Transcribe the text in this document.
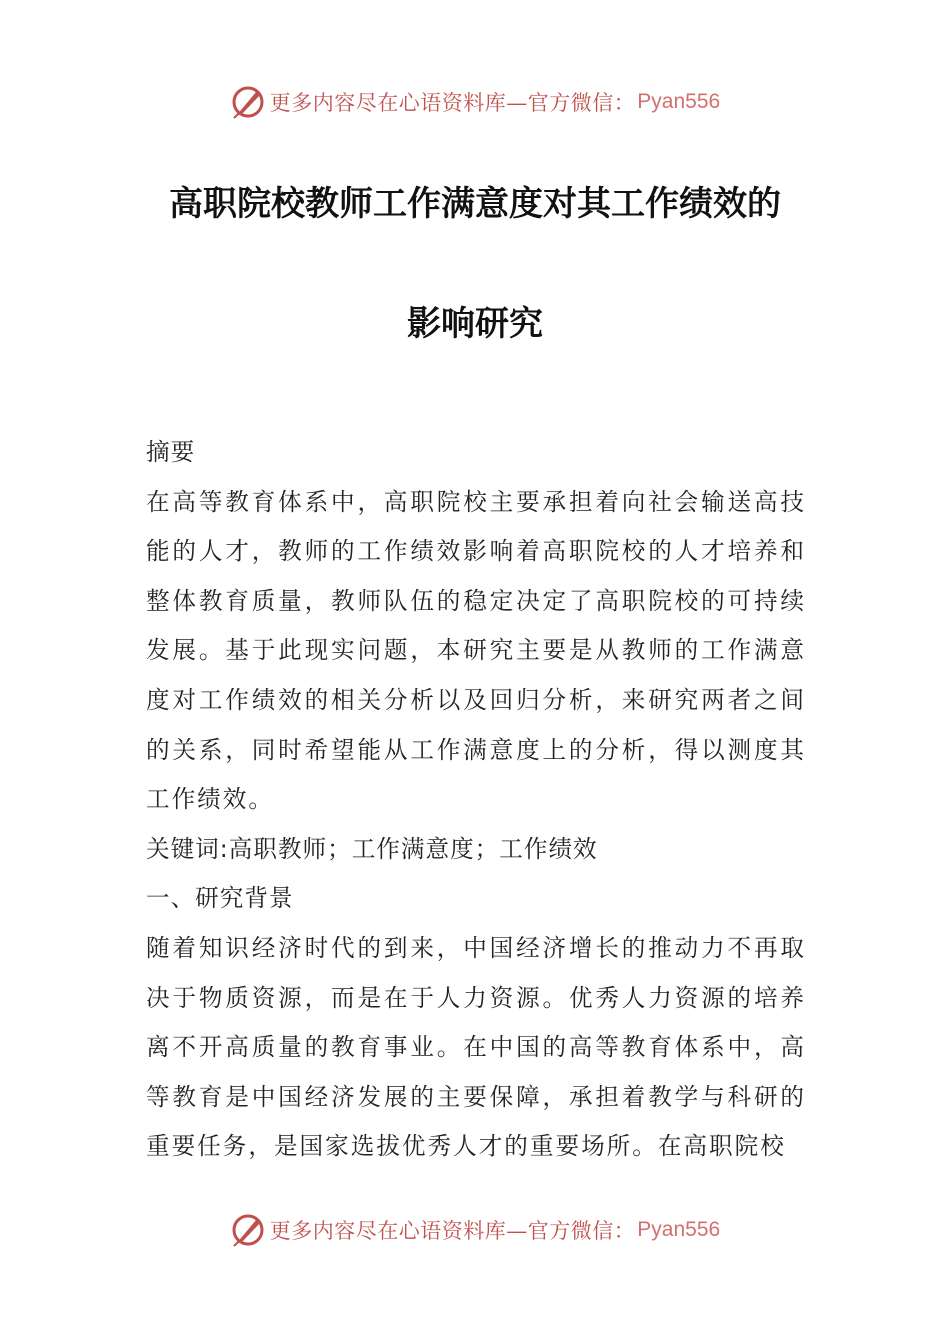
更多内容尽在心语资料库—官方微信： Pyan556
高职院校教师工作满意度对其工作绩效的
影响研究

摘要

在高等教育体系中，高职院校主要承担着向社会输送高技能的人才，教师的工作绩效影响着高职院校的人才培养和整体教育质量，教师队伍的稳定决定了高职院校的可持续发展。基于此现实问题，本研究主要是从教师的工作满意度对工作绩效的相关分析以及回归分析，来研究两者之间的关系，同时希望能从工作满意度上的分析，得以测度其工作绩效。

关键词:高职教师；工作满意度；工作绩效

一、研究背景

随着知识经济时代的到来，中国经济增长的推动力不再取决于物质资源，而是在于人力资源。优秀人力资源的培养离不开高质量的教育事业。在中国的高等教育体系中，高等教育是中国经济发展的主要保障，承担着教学与科研的重要任务，是国家选拔优秀人才的重要场所。在高职院校

更多内容尽在心语资料库—官方微信： Pyan556
